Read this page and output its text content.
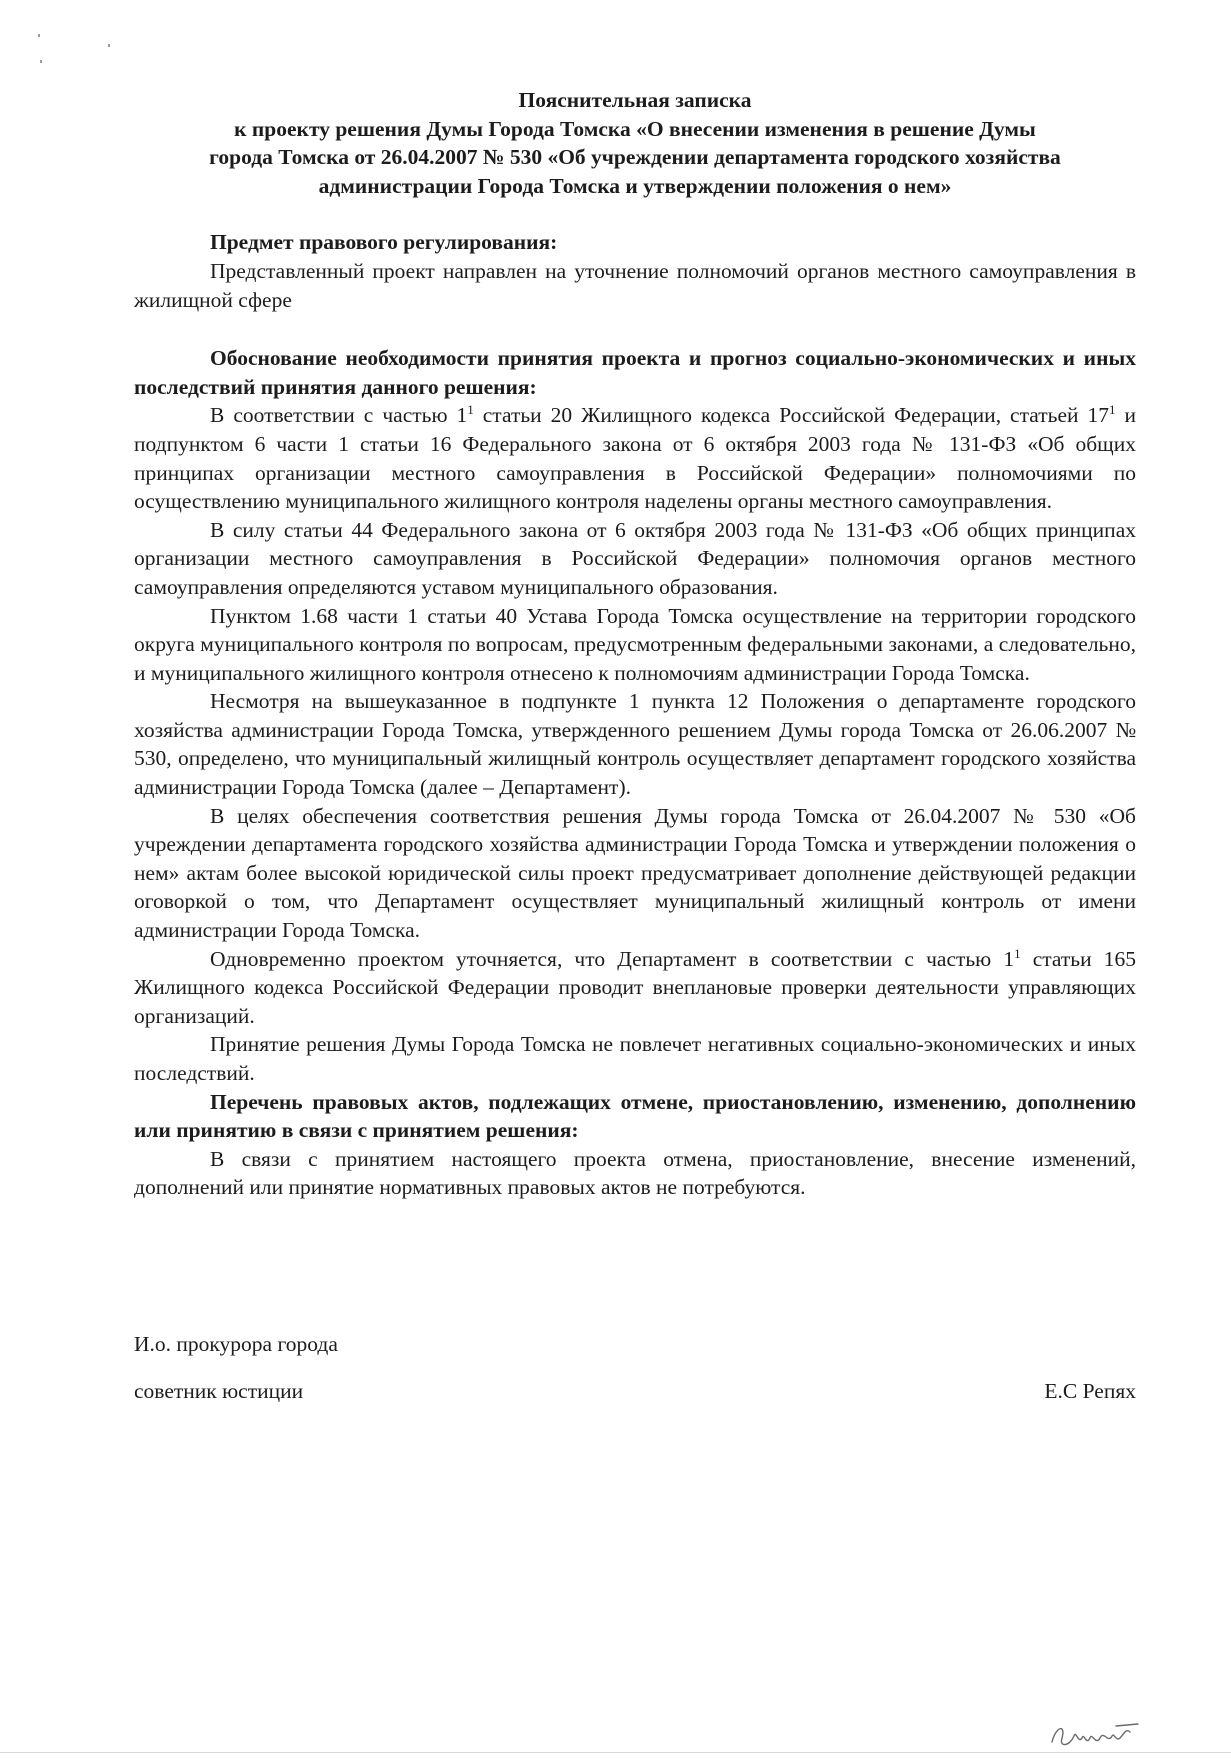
Пояснительная записка
к проекту решения Думы Города Томска «О внесении изменения в решение Думы
города Томска от 26.04.2007 № 530 «Об учреждении департамента городского хозяйства
администрации Города Томска и утверждении положения о нем»

Предмет правового регулирования:

Представленный проект направлен на уточнение полномочий органов местного самоуправления в жилищной сфере

Обоснование необходимости принятия проекта и прогноз социально-экономических и иных последствий принятия данного решения:

В соответствии с частью $1^1$ статьи 20 Жилищного кодекса Российской Федерации, статьей $17^1$ и подпунктом 6 части 1 статьи 16 Федерального закона от 6 октября 2003 года № 131-ФЗ «Об общих принципах организации местного самоуправления в Российской Федерации» полномочиями по осуществлению муниципального жилищного контроля наделены органы местного самоуправления.

В силу статьи 44 Федерального закона от 6 октября 2003 года № 131-ФЗ «Об общих принципах организации местного самоуправления в Российской Федерации» полномочия органов местного самоуправления определяются уставом муниципального образования.

Пунктом 1.68 части 1 статьи 40 Устава Города Томска осуществление на территории городского округа муниципального контроля по вопросам, предусмотренным федеральными законами, а следовательно, и муниципального жилищного контроля отнесено к полномочиям администрации Города Томска.

Несмотря на вышеуказанное в подпункте 1 пункта 12 Положения о департаменте городского хозяйства администрации Города Томска, утвержденного решением Думы города Томска от 26.06.2007 № 530, определено, что муниципальный жилищный контроль осуществляет департамент городского хозяйства администрации Города Томска (далее – Департамент).

В целях обеспечения соответствия решения Думы города Томска от 26.04.2007 № 530 «Об учреждении департамента городского хозяйства администрации Города Томска и утверждении положения о нем» актам более высокой юридической силы проект предусматривает дополнение действующей редакции оговоркой о том, что Департамент осуществляет муниципальный жилищный контроль от имени администрации Города Томска.

Одновременно проектом уточняется, что Департамент в соответствии с частью $1^1$ статьи 165 Жилищного кодекса Российской Федерации проводит внеплановые проверки деятельности управляющих организаций.

Принятие решения Думы Города Томска не повлечет негативных социально-экономических и иных последствий.

Перечень правовых актов, подлежащих отмене, приостановлению, изменению, дополнению или принятию в связи с принятием решения:

В связи с принятием настоящего проекта отмена, приостановление, внесение изменений, дополнений или принятие нормативных правовых актов не потребуются.

И.о. прокурора города
советник юстиции	Е.С Репях
